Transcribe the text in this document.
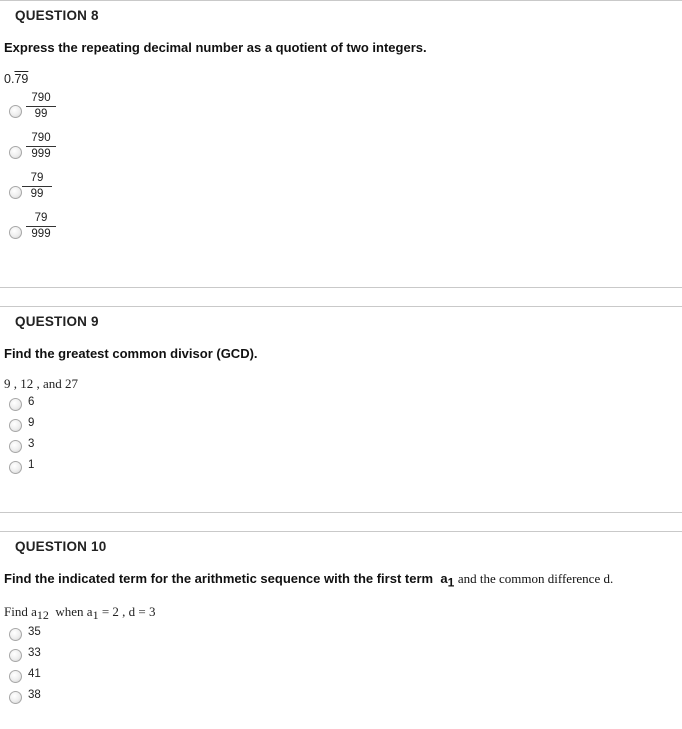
QUESTION 8
Express the repeating decimal number as a quotient of two integers.
0.79
790
99
790
999
79
99
79
999
QUESTION 9
Find the greatest common divisor (GCD).
9 , 12 , and 27
6
9
3
1
QUESTION 10
Find the indicated term for the arithmetic sequence with the first term $a_1$ and the common difference d.
Find $a_{12}$ when $a_1 = 2$ , d = 3
35
33
41
38
